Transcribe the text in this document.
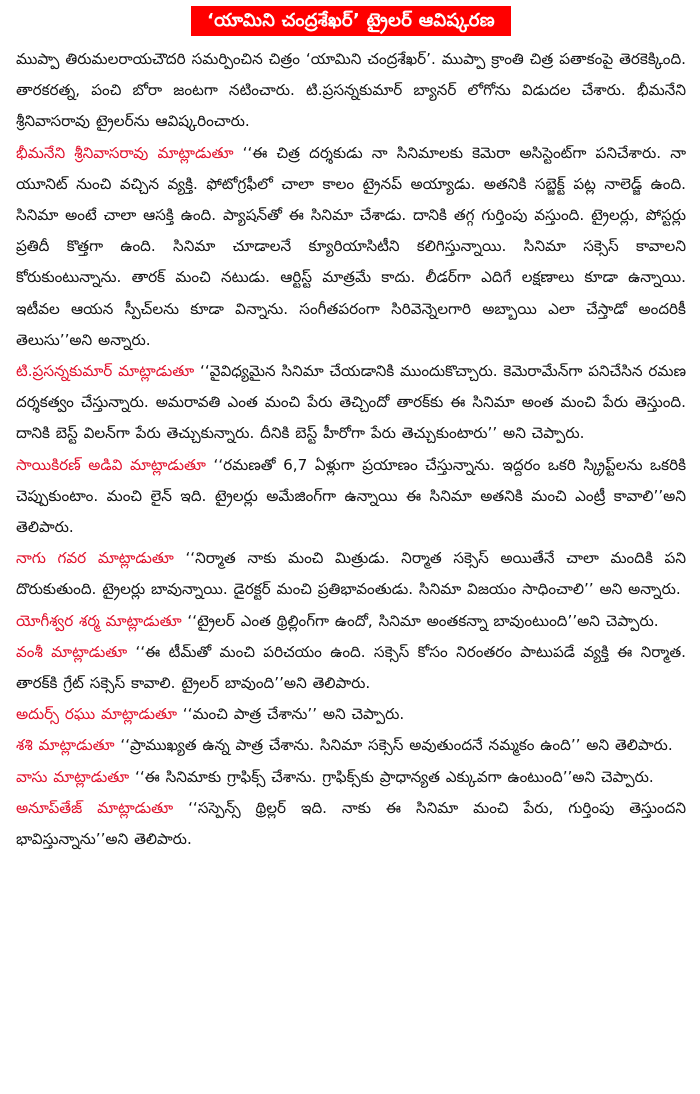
‘యామిని చంద్రశేఖర్‌’ ట్రైలర్‌ ఆవిష్కరణ

ముప్పా తిరుమలరాయచౌదరి సమర్పించిన చిత్రం ‘యామిని చంద్రశేఖర్‌’. ముప్పా క్రాంతి చిత్ర పతాకంపై తెరకెక్కింది. తారకరత్న, పంచి బోరా జంటగా నటించారు. టి.ప్రసన్నకుమార్‌ బ్యానర్‌ లోగోను విడుదల చేశారు. భీమనేని శ్రీనివాసరావు ట్రైలర్‌ను ఆవిష్కరించారు.

భీమనేని శ్రీనివాసరావు మాట్లాడుతూ ‘‘ఈ చిత్ర దర్శకుడు నా సినిమాలకు కెమెరా అసిస్టెంట్‌గా పనిచేశారు. నా యూనిట్‌ నుంచి వచ్చిన వ్యక్తి. ఫోటోగ్రఫీలో చాలా కాలం ట్రైనప్‌ అయ్యాడు. అతనికి సబ్జెక్ట్‌ పట్ల నాలెడ్జ్‌ ఉంది. సినిమా అంటే చాలా ఆసక్తి ఉంది. ప్యాషన్‌తో ఈ సినిమా చేశాడు. దానికి తగ్గ గుర్తింపు వస్తుంది. ట్రైలర్లు, పోస్టర్లు ప్రతిదీ కొత్తగా ఉంది. సినిమా చూడాలనే క్యూరియాసిటీని కలిగిస్తున్నాయి. సినిమా సక్సెస్‌ కావాలని కోరుకుంటున్నాను. తారక్‌ మంచి నటుడు. ఆర్టిస్ట్‌ మాత్రమే కాదు. లీడర్‌గా ఎదిగే లక్షణాలు కూడా ఉన్నాయి. ఇటీవల ఆయన స్పీచ్‌లను కూడా విన్నాను. సంగీతపరంగా సిరివెన్నెలగారి అబ్బాయి ఎలా చేస్తాడో అందరికీ తెలుసు’’అని అన్నారు.

టి.ప్రసన్నకుమార్‌ మాట్లాడుతూ ‘‘వైవిధ్యమైన సినిమా చేయడానికి ముందుకొచ్చారు. కెమెరామేన్‌గా పనిచేసిన రమణ దర్శకత్వం చేస్తున్నారు. అమరావతి ఎంత మంచి పేరు తెచ్చిందో తారక్‌కు ఈ సినిమా అంత మంచి పేరు తెస్తుంది. దానికి బెస్ట్‌ విలన్‌గా పేరు తెచ్చుకున్నారు. దీనికి బెస్ట్‌ హీరోగా పేరు తెచ్చుకుంటారు’’ అని చెప్పారు.

సాయికిరణ్‌ అడివి మాట్లాడుతూ ‘‘రమణతో 6,7 ఏళ్లుగా ప్రయాణం చేస్తున్నాను. ఇద్దరం ఒకరి స్క్రిప్ట్‌లను ఒకరికి చెప్పుకుంటాం. మంచి లైన్‌ ఇది. ట్రైలర్లు అమేజింగ్‌గా ఉన్నాయి ఈ సినిమా అతనికి మంచి ఎంట్రీ కావాలి’’అని తెలిపారు.

నాగు గవర మాట్లాడుతూ ‘‘నిర్మాత నాకు మంచి మిత్రుడు. నిర్మాత సక్సెస్‌ అయితేనే చాలా మందికి పని దొరుకుతుంది. ట్రైలర్లు బావున్నాయి. డైరక్టర్‌ మంచి ప్రతిభావంతుడు. సినిమా విజయం సాధించాలి’’ అని అన్నారు.

యోగీశ్వర శర్మ మాట్లాడుతూ ‘‘ట్రైలర్‌ ఎంత థ్రిల్లింగ్‌గా ఉందో, సినిమా అంతకన్నా బావుంటుంది’’అని చెప్పారు.

వంశీ మాట్లాడుతూ ‘‘ఈ టీమ్‌తో మంచి పరిచయం ఉంది. సక్సెస్‌ కోసం నిరంతరం పాటుపడే వ్యక్తి ఈ నిర్మాత. తారక్‌కి గ్రేట్‌ సక్సెస్‌ కావాలి. ట్రైలర్‌ బావుంది’’అని తెలిపారు.

అదుర్స్‌ రఘు మాట్లాడుతూ ‘‘మంచి పాత్ర చేశాను’’ అని చెప్పారు.

శశి మాట్లాడుతూ ‘‘ప్రాముఖ్యత ఉన్న పాత్ర చేశాను. సినిమా సక్సెస్‌ అవుతుందనే నమ్మకం ఉంది’’ అని తెలిపారు.

వాసు మాట్లాడుతూ ‘‘ఈ సినిమాకు గ్రాఫిక్స్‌ చేశాను. గ్రాఫిక్స్‌కు ప్రాధాన్యత ఎక్కువగా ఉంటుంది’’అని చెప్పారు.

అనూప్‌తేజ్‌ మాట్లాడుతూ ‘‘సస్పెన్స్‌ థ్రిల్లర్‌ ఇది. నాకు ఈ సినిమా మంచి పేరు, గుర్తింపు తెస్తుందని భావిస్తున్నాను’’అని తెలిపారు.
